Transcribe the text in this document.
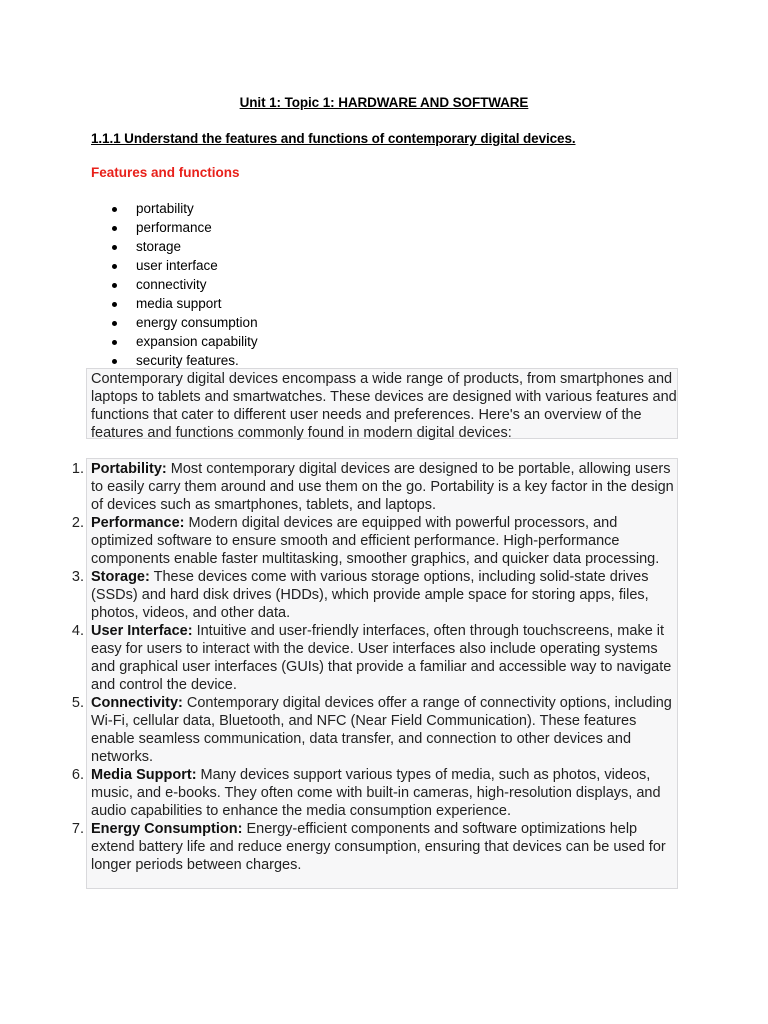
Unit 1: Topic 1: HARDWARE AND SOFTWARE
1.1.1 Understand the features and functions of contemporary digital devices.
Features and functions
portability
performance
storage
user interface
connectivity
media support
energy consumption
expansion capability
security features.

Contemporary digital devices encompass a wide range of products, from smartphones and laptops to tablets and smartwatches. These devices are designed with various features and functions that cater to different user needs and preferences. Here's an overview of the features and functions commonly found in modern digital devices:

1. Portability: Most contemporary digital devices are designed to be portable, allowing users to easily carry them around and use them on the go. Portability is a key factor in the design of devices such as smartphones, tablets, and laptops.
2. Performance: Modern digital devices are equipped with powerful processors, and optimized software to ensure smooth and efficient performance. High-performance components enable faster multitasking, smoother graphics, and quicker data processing.
3. Storage: These devices come with various storage options, including solid-state drives (SSDs) and hard disk drives (HDDs), which provide ample space for storing apps, files, photos, videos, and other data.
4. User Interface: Intuitive and user-friendly interfaces, often through touchscreens, make it easy for users to interact with the device. User interfaces also include operating systems and graphical user interfaces (GUIs) that provide a familiar and accessible way to navigate and control the device.
5. Connectivity: Contemporary digital devices offer a range of connectivity options, including Wi-Fi, cellular data, Bluetooth, and NFC (Near Field Communication). These features enable seamless communication, data transfer, and connection to other devices and networks.
6. Media Support: Many devices support various types of media, such as photos, videos, music, and e-books. They often come with built-in cameras, high-resolution displays, and audio capabilities to enhance the media consumption experience.
7. Energy Consumption: Energy-efficient components and software optimizations help extend battery life and reduce energy consumption, ensuring that devices can be used for longer periods between charges.
